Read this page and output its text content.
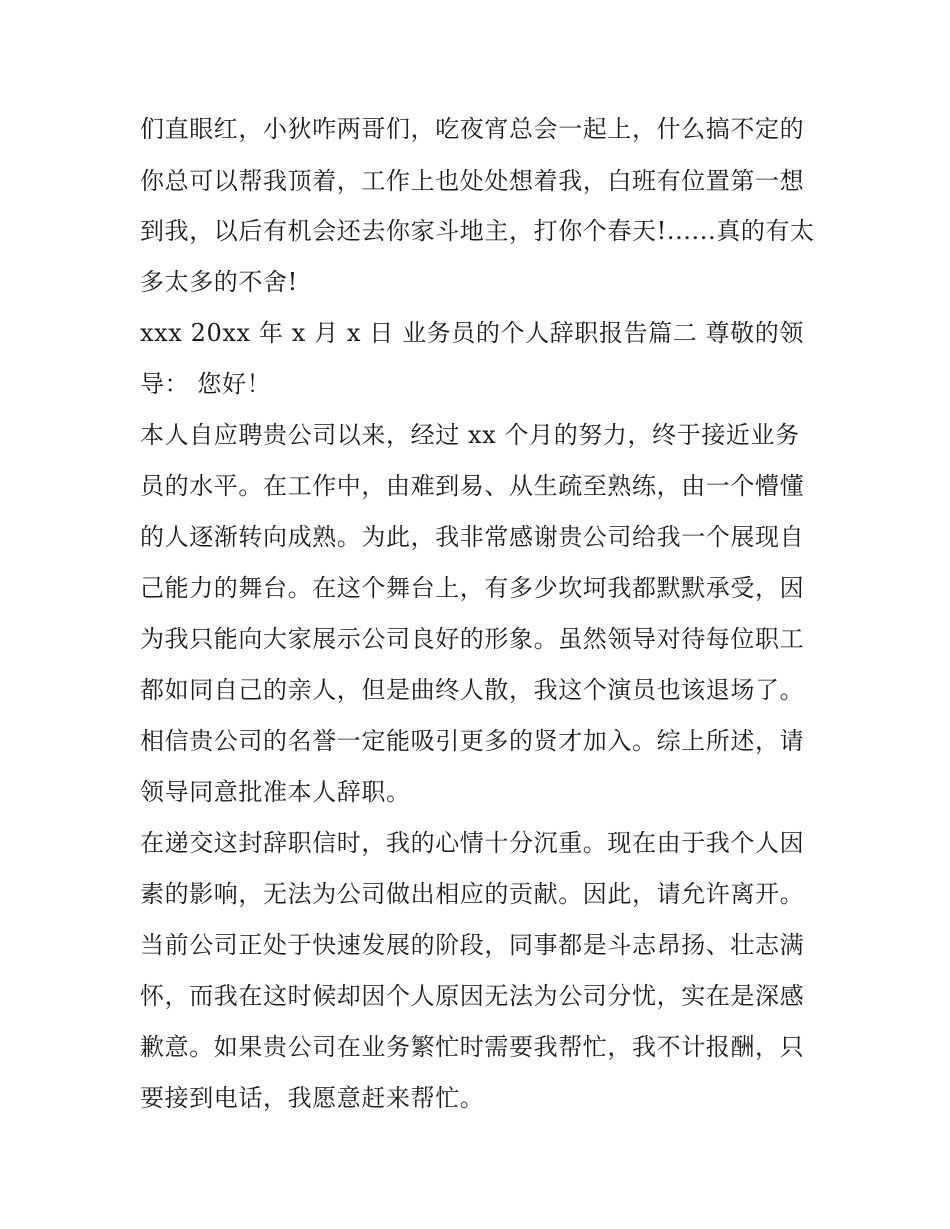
们直眼红，小狄咋两哥们，吃夜宵总会一起上，什么搞不定的
你总可以帮我顶着，工作上也处处想着我，白班有位置第一想
到我，以后有机会还去你家斗地主，打你个春天!......真的有太
多太多的不舍!
xxx 20xx 年 x 月 x 日 业务员的个人辞职报告篇二 尊敬的领
导： 您好！
本人自应聘贵公司以来，经过 xx 个月的努力，终于接近业务
员的水平。在工作中，由难到易、从生疏至熟练，由一个懵懂
的人逐渐转向成熟。为此，我非常感谢贵公司给我一个展现自
己能力的舞台。在这个舞台上，有多少坎坷我都默默承受，因
为我只能向大家展示公司良好的形象。虽然领导对待每位职工
都如同自己的亲人，但是曲终人散，我这个演员也该退场了。
相信贵公司的名誉一定能吸引更多的贤才加入。综上所述，请
领导同意批准本人辞职。
在递交这封辞职信时，我的心情十分沉重。现在由于我个人因
素的影响，无法为公司做出相应的贡献。因此，请允许离开。
当前公司正处于快速发展的阶段，同事都是斗志昂扬、壮志满
怀，而我在这时候却因个人原因无法为公司分忧，实在是深感
歉意。如果贵公司在业务繁忙时需要我帮忙，我不计报酬，只
要接到电话，我愿意赶来帮忙。
